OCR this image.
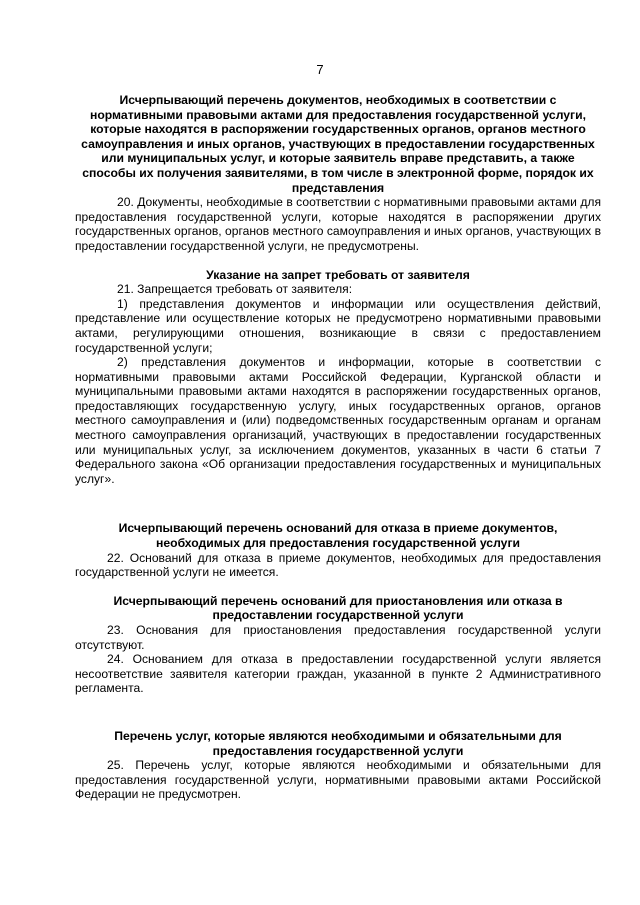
7
Исчерпывающий перечень документов, необходимых в соответствии с нормативными правовыми актами для предоставления государственной услуги, которые находятся в распоряжении государственных органов, органов местного самоуправления и иных органов, участвующих в предоставлении государственных или муниципальных услуг, и которые заявитель вправе представить, а также способы их получения заявителями, в том числе в электронной форме, порядок их представления

20. Документы, необходимые в соответствии с нормативными правовыми актами для предоставления государственной услуги, которые находятся в распоряжении других государственных органов, органов местного самоуправления и иных органов, участвующих в предоставлении государственной услуги, не предусмотрены.

Указание на запрет требовать от заявителя

21. Запрещается требовать от заявителя:

1) представления документов и информации или осуществления действий, представление или осуществление которых не предусмотрено нормативными правовыми актами, регулирующими отношения, возникающие в связи с предоставлением государственной услуги;

2) представления документов и информации, которые в соответствии с нормативными правовыми актами Российской Федерации, Курганской области и муниципальными правовыми актами находятся в распоряжении государственных органов, предоставляющих государственную услугу, иных государственных органов, органов местного самоуправления и (или) подведомственных государственным органам и органам местного самоуправления организаций, участвующих в предоставлении государственных или муниципальных услуг, за исключением документов, указанных в части 6 статьи 7 Федерального закона «Об организации предоставления государственных и муниципальных услуг».

Исчерпывающий перечень оснований для отказа в приеме документов, необходимых для предоставления государственной услуги

22. Оснований для отказа в приеме документов, необходимых для предоставления государственной услуги не имеется.

Исчерпывающий перечень оснований для приостановления или отказа в предоставлении государственной услуги

23. Основания для приостановления предоставления государственной услуги отсутствуют.

24. Основанием для отказа в предоставлении государственной услуги является несоответствие заявителя категории граждан, указанной в пункте 2 Административного регламента.

Перечень услуг, которые являются необходимыми и обязательными для предоставления государственной услуги

25. Перечень услуг, которые являются необходимыми и обязательными для предоставления государственной услуги, нормативными правовыми актами Российской Федерации не предусмотрен.
